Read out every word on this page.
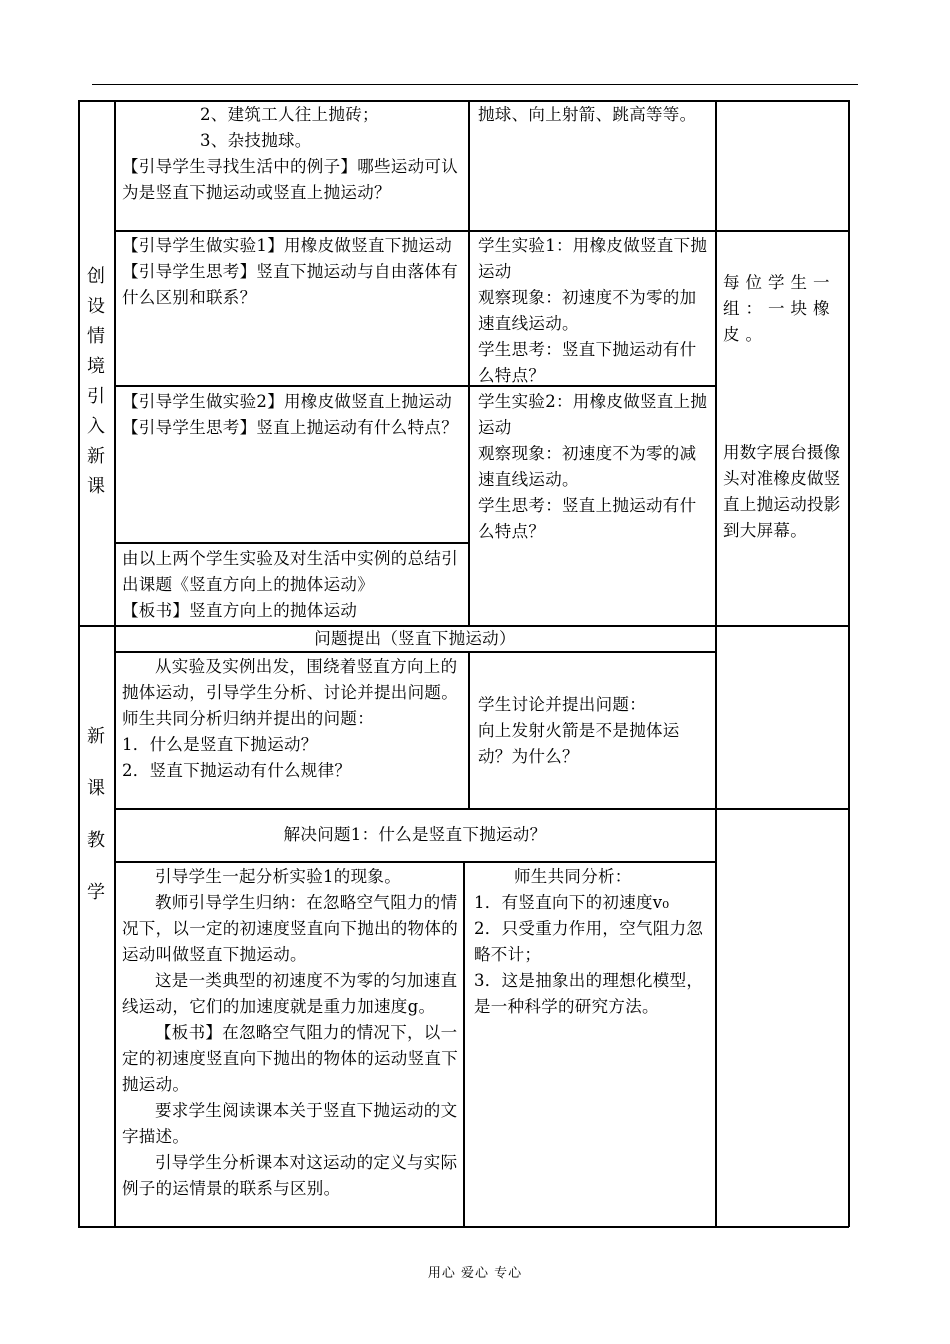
创
设
情
境
引
入
新
课

2、建筑工人往上抛砖；

3、杂技抛球。

【引导学生寻找生活中的例子】哪些运动可认为是竖直下抛运动或竖直上抛运动？

抛球、向上射箭、跳高等等。

【引导学生做实验1】用橡皮做竖直下抛运动

【引导学生思考】竖直下抛运动与自由落体有什么区别和联系？

学生实验1：用橡皮做竖直下抛运动

观察现象：初速度不为零的加速直线运动。

学生思考：竖直下抛运动有什么特点？

每位学生一组：一块橡皮。

【引导学生做实验2】用橡皮做竖直上抛运动【引导学生思考】竖直上抛运动有什么特点？

学生实验2：用橡皮做竖直上抛运动

观察现象：初速度不为零的减速直线运动。

学生思考：竖直上抛运动有什么特点？

用数字展台摄像头对准橡皮做竖直上抛运动投影到大屏幕。

由以上两个学生实验及对生活中实例的总结引出课题《竖直方向上的抛体运动》

【板书】竖直方向上的抛体运动

新
课
教
学
问题提出（竖直下抛运动）

从实验及实例出发，围绕着竖直方向上的抛体运动，引导学生分析、讨论并提出问题。师生共同分析归纳并提出的问题：

1．什么是竖直下抛运动？

2．竖直下抛运动有什么规律？

学生讨论并提出问题：

向上发射火箭是不是抛体运动？为什么？

解决问题1：什么是竖直下抛运动？

引导学生一起分析实验1的现象。

教师引导学生归纳：在忽略空气阻力的情况下，以一定的初速度竖直向下抛出的物体的运动叫做竖直下抛运动。

这是一类典型的初速度不为零的匀加速直线运动，它们的加速度就是重力加速度g。

【板书】在忽略空气阻力的情况下，以一定的初速度竖直向下抛出的物体的运动竖直下抛运动。

要求学生阅读课本关于竖直下抛运动的文字描述。

引导学生分析课本对这运动的定义与实际例子的运情景的联系与区别。

师生共同分析：

1．有竖直向下的初速度v₀

2．只受重力作用，空气阻力忽略不计；

3．这是抽象出的理想化模型，是一种科学的研究方法。

用心 爱心 专心
